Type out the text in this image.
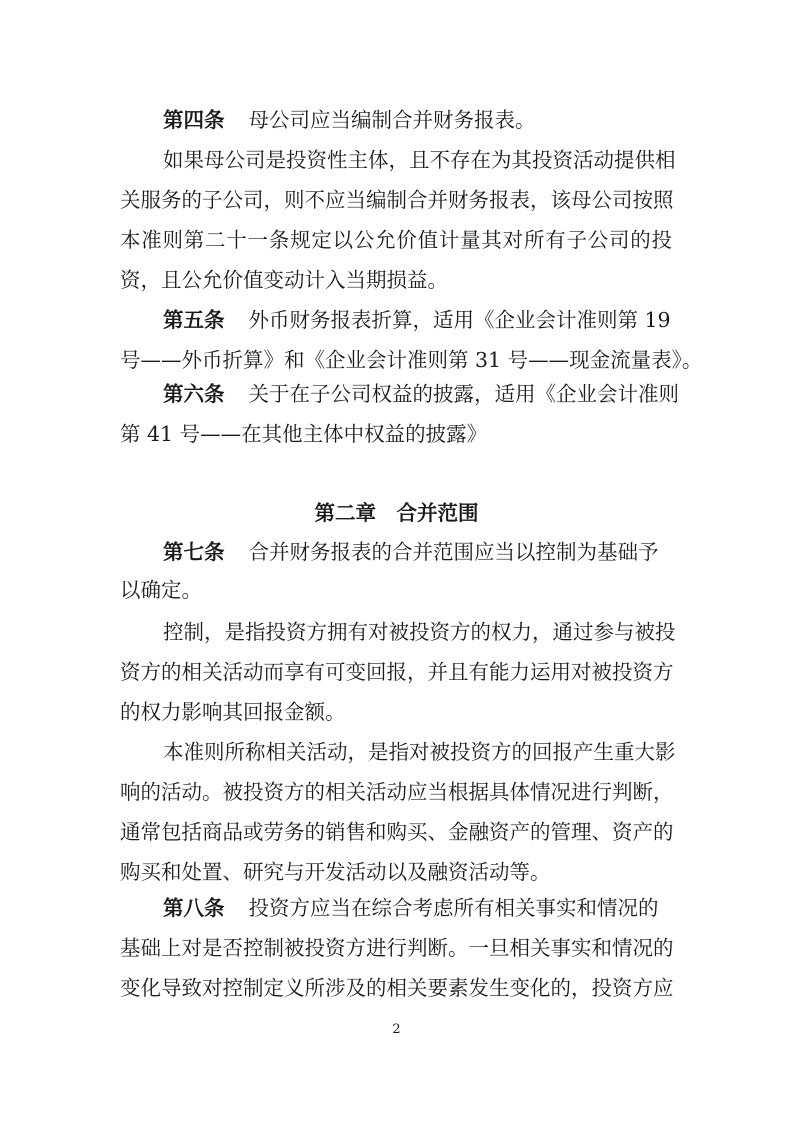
第四条 母公司应当编制合并财务报表。
如果母公司是投资性主体，且不存在为其投资活动提供相
关服务的子公司，则不应当编制合并财务报表，该母公司按照
本准则第二十一条规定以公允价值计量其对所有子公司的投
资，且公允价值变动计入当期损益。
第五条 外币财务报表折算，适用《企业会计准则第 19
号——外币折算》和《企业会计准则第 31 号——现金流量表》。
第六条 关于在子公司权益的披露，适用《企业会计准则
第 41 号——在其他主体中权益的披露》
第二章　合并范围
第七条 合并财务报表的合并范围应当以控制为基础予
以确定。
控制，是指投资方拥有对被投资方的权力，通过参与被投
资方的相关活动而享有可变回报，并且有能力运用对被投资方
的权力影响其回报金额。
本准则所称相关活动，是指对被投资方的回报产生重大影
响的活动。被投资方的相关活动应当根据具体情况进行判断，
通常包括商品或劳务的销售和购买、金融资产的管理、资产的
购买和处置、研究与开发活动以及融资活动等。
第八条 投资方应当在综合考虑所有相关事实和情况的
基础上对是否控制被投资方进行判断。一旦相关事实和情况的
变化导致对控制定义所涉及的相关要素发生变化的，投资方应
2
